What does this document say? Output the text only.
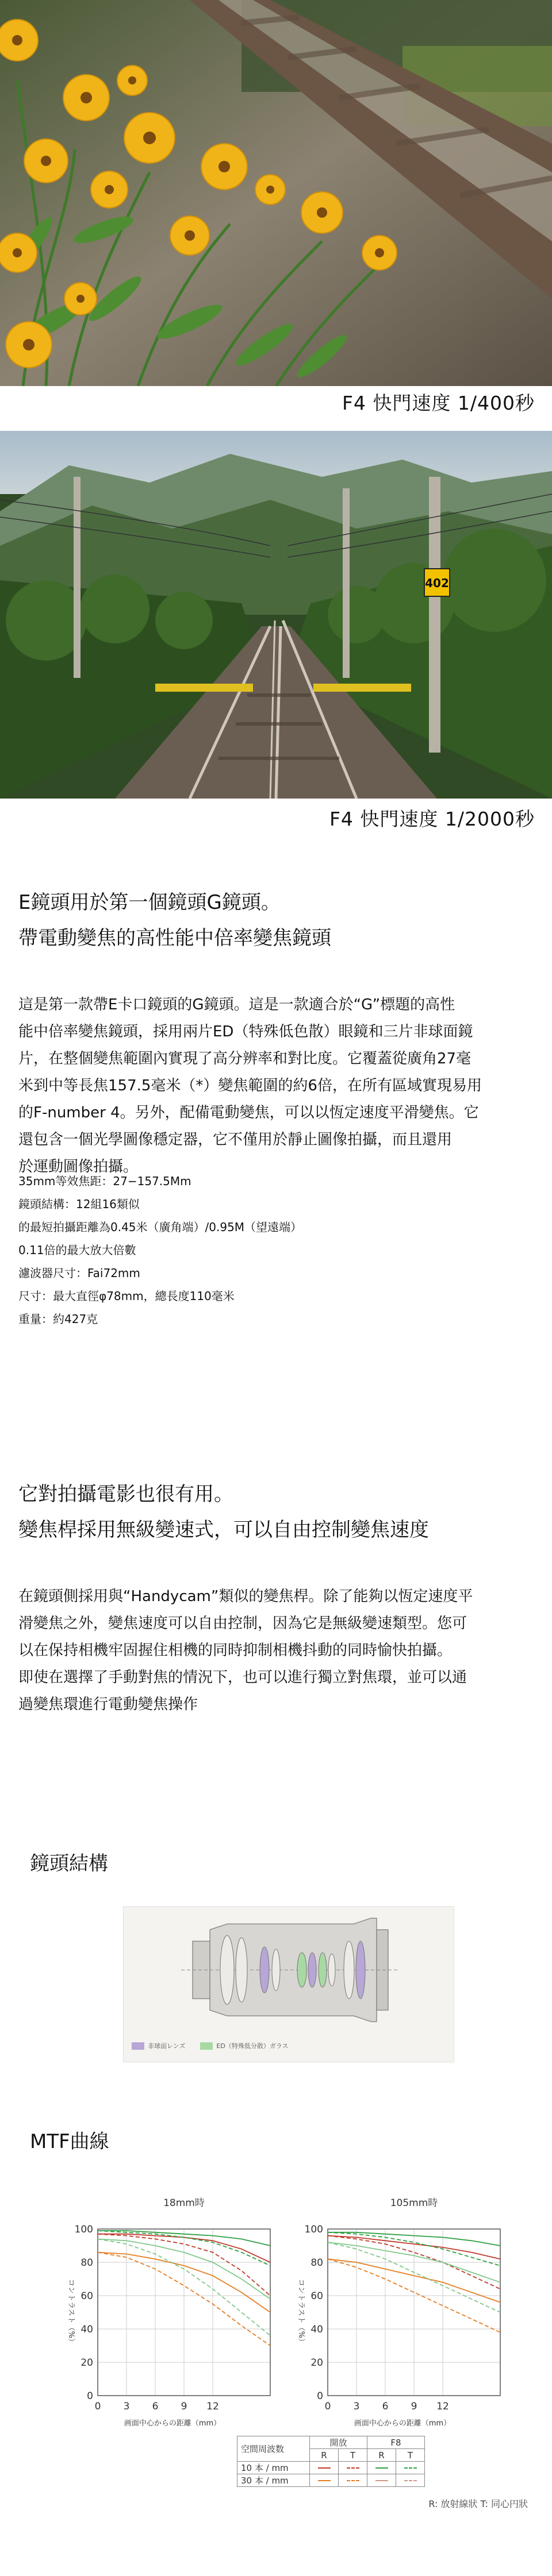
F4 快門速度 1/400秒
402
F4 快門速度 1/2000秒
E鏡頭用於第一個鏡頭G鏡頭。
帶電動變焦的高性能中倍率變焦鏡頭
這是第一款帶E卡口鏡頭的G鏡頭。這是一款適合於“G”標題的高性
能中倍率變焦鏡頭，採用兩片ED（特殊低色散）眼鏡和三片非球面鏡
片，在整個變焦範圍內實現了高分辨率和對比度。它覆蓋從廣角27毫
米到中等長焦157.5毫米（*）變焦範圍的約6倍，在所有區域實現易用
的F-number 4。另外，配備電動變焦，可以以恆定速度平滑變焦。它
還包含一個光學圖像穩定器，它不僅用於靜止圖像拍攝，而且還用
於運動圖像拍攝。
35mm等效焦距：27−157.5Mm
鏡頭結構：12組16類似
的最短拍攝距離為0.45米（廣角端）/0.95M（望遠端）
0.11倍的最大放大倍數
濾波器尺寸：Fai72mm
尺寸：最大直徑φ78mm，總長度110毫米
重量：約427克
它對拍攝電影也很有用。
變焦桿採用無級變速式，可以自由控制變焦速度
在鏡頭側採用與“Handycam”類似的變焦桿。除了能夠以恆定速度平
滑變焦之外，變焦速度可以自由控制，因為它是無級變速類型。您可
以在保持相機牢固握住相機的同時抑制相機抖動的同時愉快拍攝。
即使在選擇了手動對焦的情況下，也可以進行獨立對焦環，並可以通
過變焦環進行電動變焦操作
鏡頭結構
非球面レンズ	ED（特殊低分散）ガラス
MTF曲線
18mm時
0
20
40
60
80
100
0 3 6 9 12
コントラスト（%）
画面中心からの距離（mm）
105mm時
0
20
40
60
80
100
0 3 6 9 12
コントラスト（%）
画面中心からの距離（mm）
空間周波数	開放		F8	
	R	T	R	T
10 本 / mm				
30 本 / mm				
R: 放射線狀 T: 同心円狀
